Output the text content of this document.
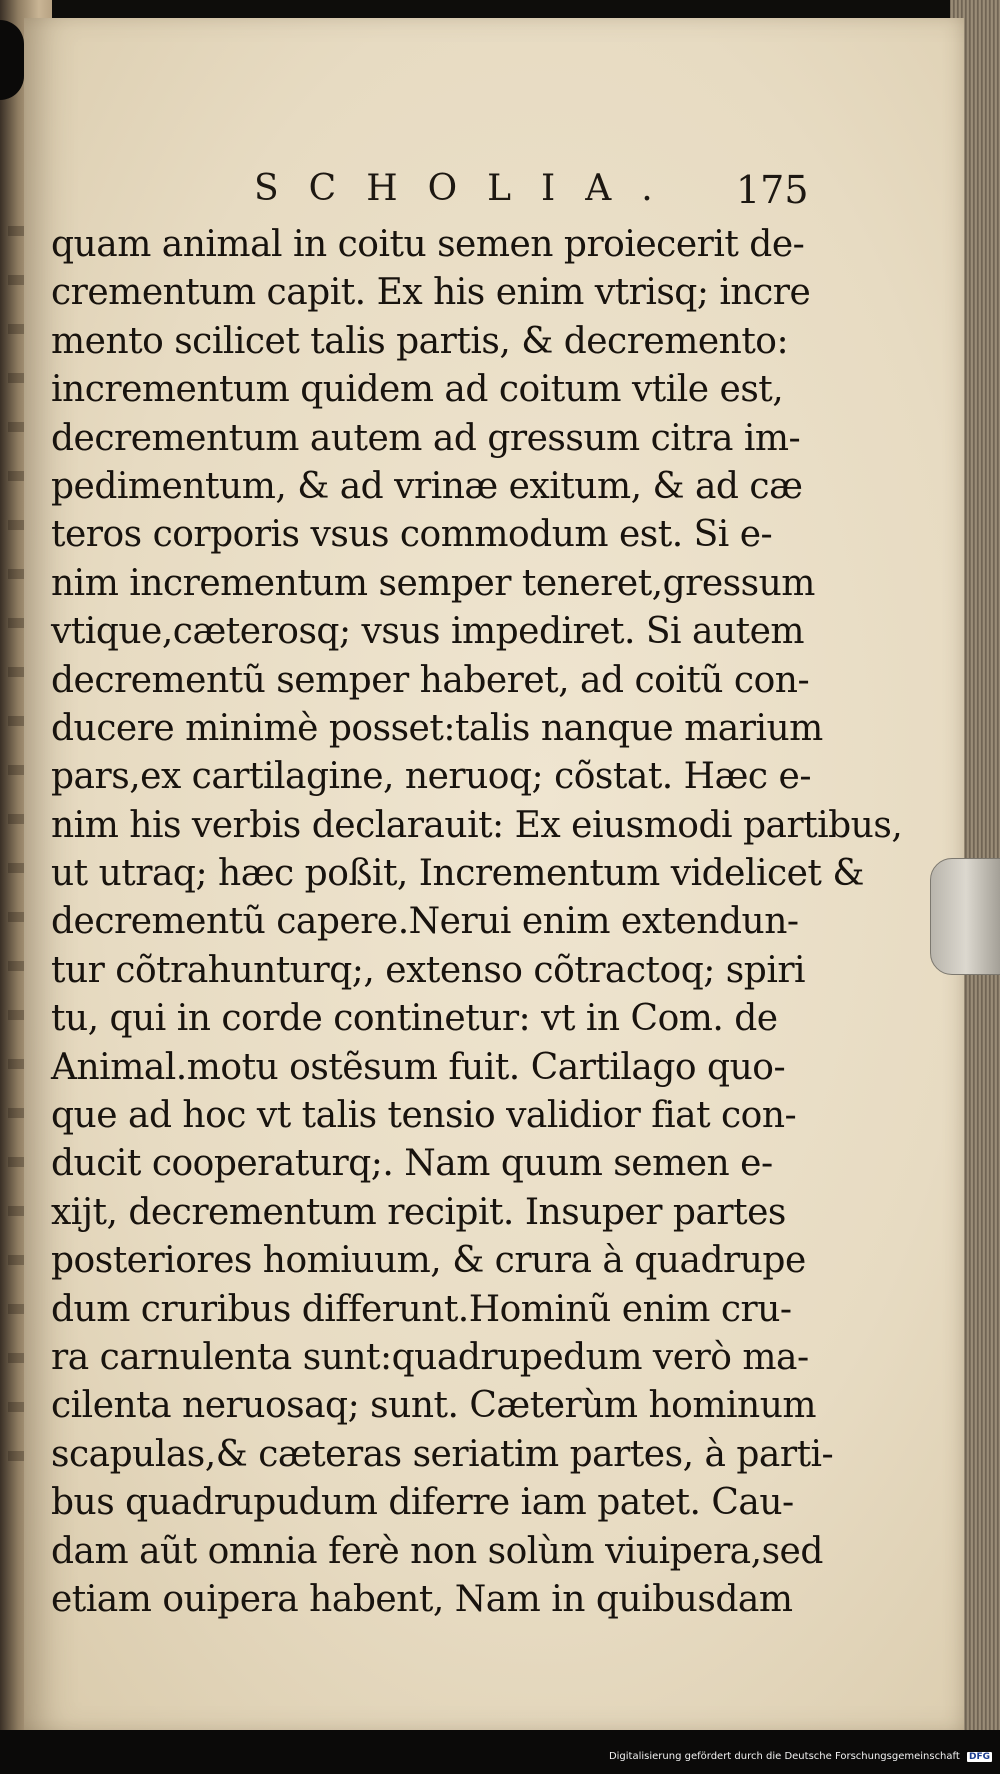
SCHOLIA. 175
quam animal in coitu semen proiecerit de-
crementum capit. Ex his enim vtrisq; incre
mento scilicet talis partis, & decremento:
incrementum quidem ad coitum vtile est,
decrementum autem ad gressum citra im-
pedimentum, & ad vrinæ exitum, & ad cæ
teros corporis vsus commodum est. Si e-
nim incrementum semper teneret,gressum
vtique,cæterosq; vsus impediret. Si autem
decrementũ semper haberet, ad coitũ con-
ducere minimè posset:talis nanque marium
pars,ex cartilagine, neruoq; cõstat. Hæc e-
nim his verbis declarauit: Ex eiusmodi partibus,
ut utraq; hæc poßit, Incrementum videlicet &
decrementũ capere.Nerui enim extendun-
tur cõtrahunturq;, extenso cõtractoq; spiri
tu, qui in corde continetur: vt in Com. de
Animal.motu ostẽsum fuit. Cartilago quo-
que ad hoc vt talis tensio validior fiat con-
ducit cooperaturq;. Nam quum semen e-
xijt, decrementum recipit. Insuper partes
posteriores homiuum, & crura à quadrupe
dum cruribus differunt.Hominũ enim cru-
ra carnulenta sunt:quadrupedum verò ma-
cilenta neruosaq; sunt. Cæterùm hominum
scapulas,& cæteras seriatim partes, à parti-
bus quadrupudum diferre iam patet. Cau-
dam aũt omnia ferè non solùm viuipera,sed
etiam ouipera habent, Nam in quibusdam
Digitalisierung gefördert durch die Deutsche Forschungsgemeinschaft DFG
